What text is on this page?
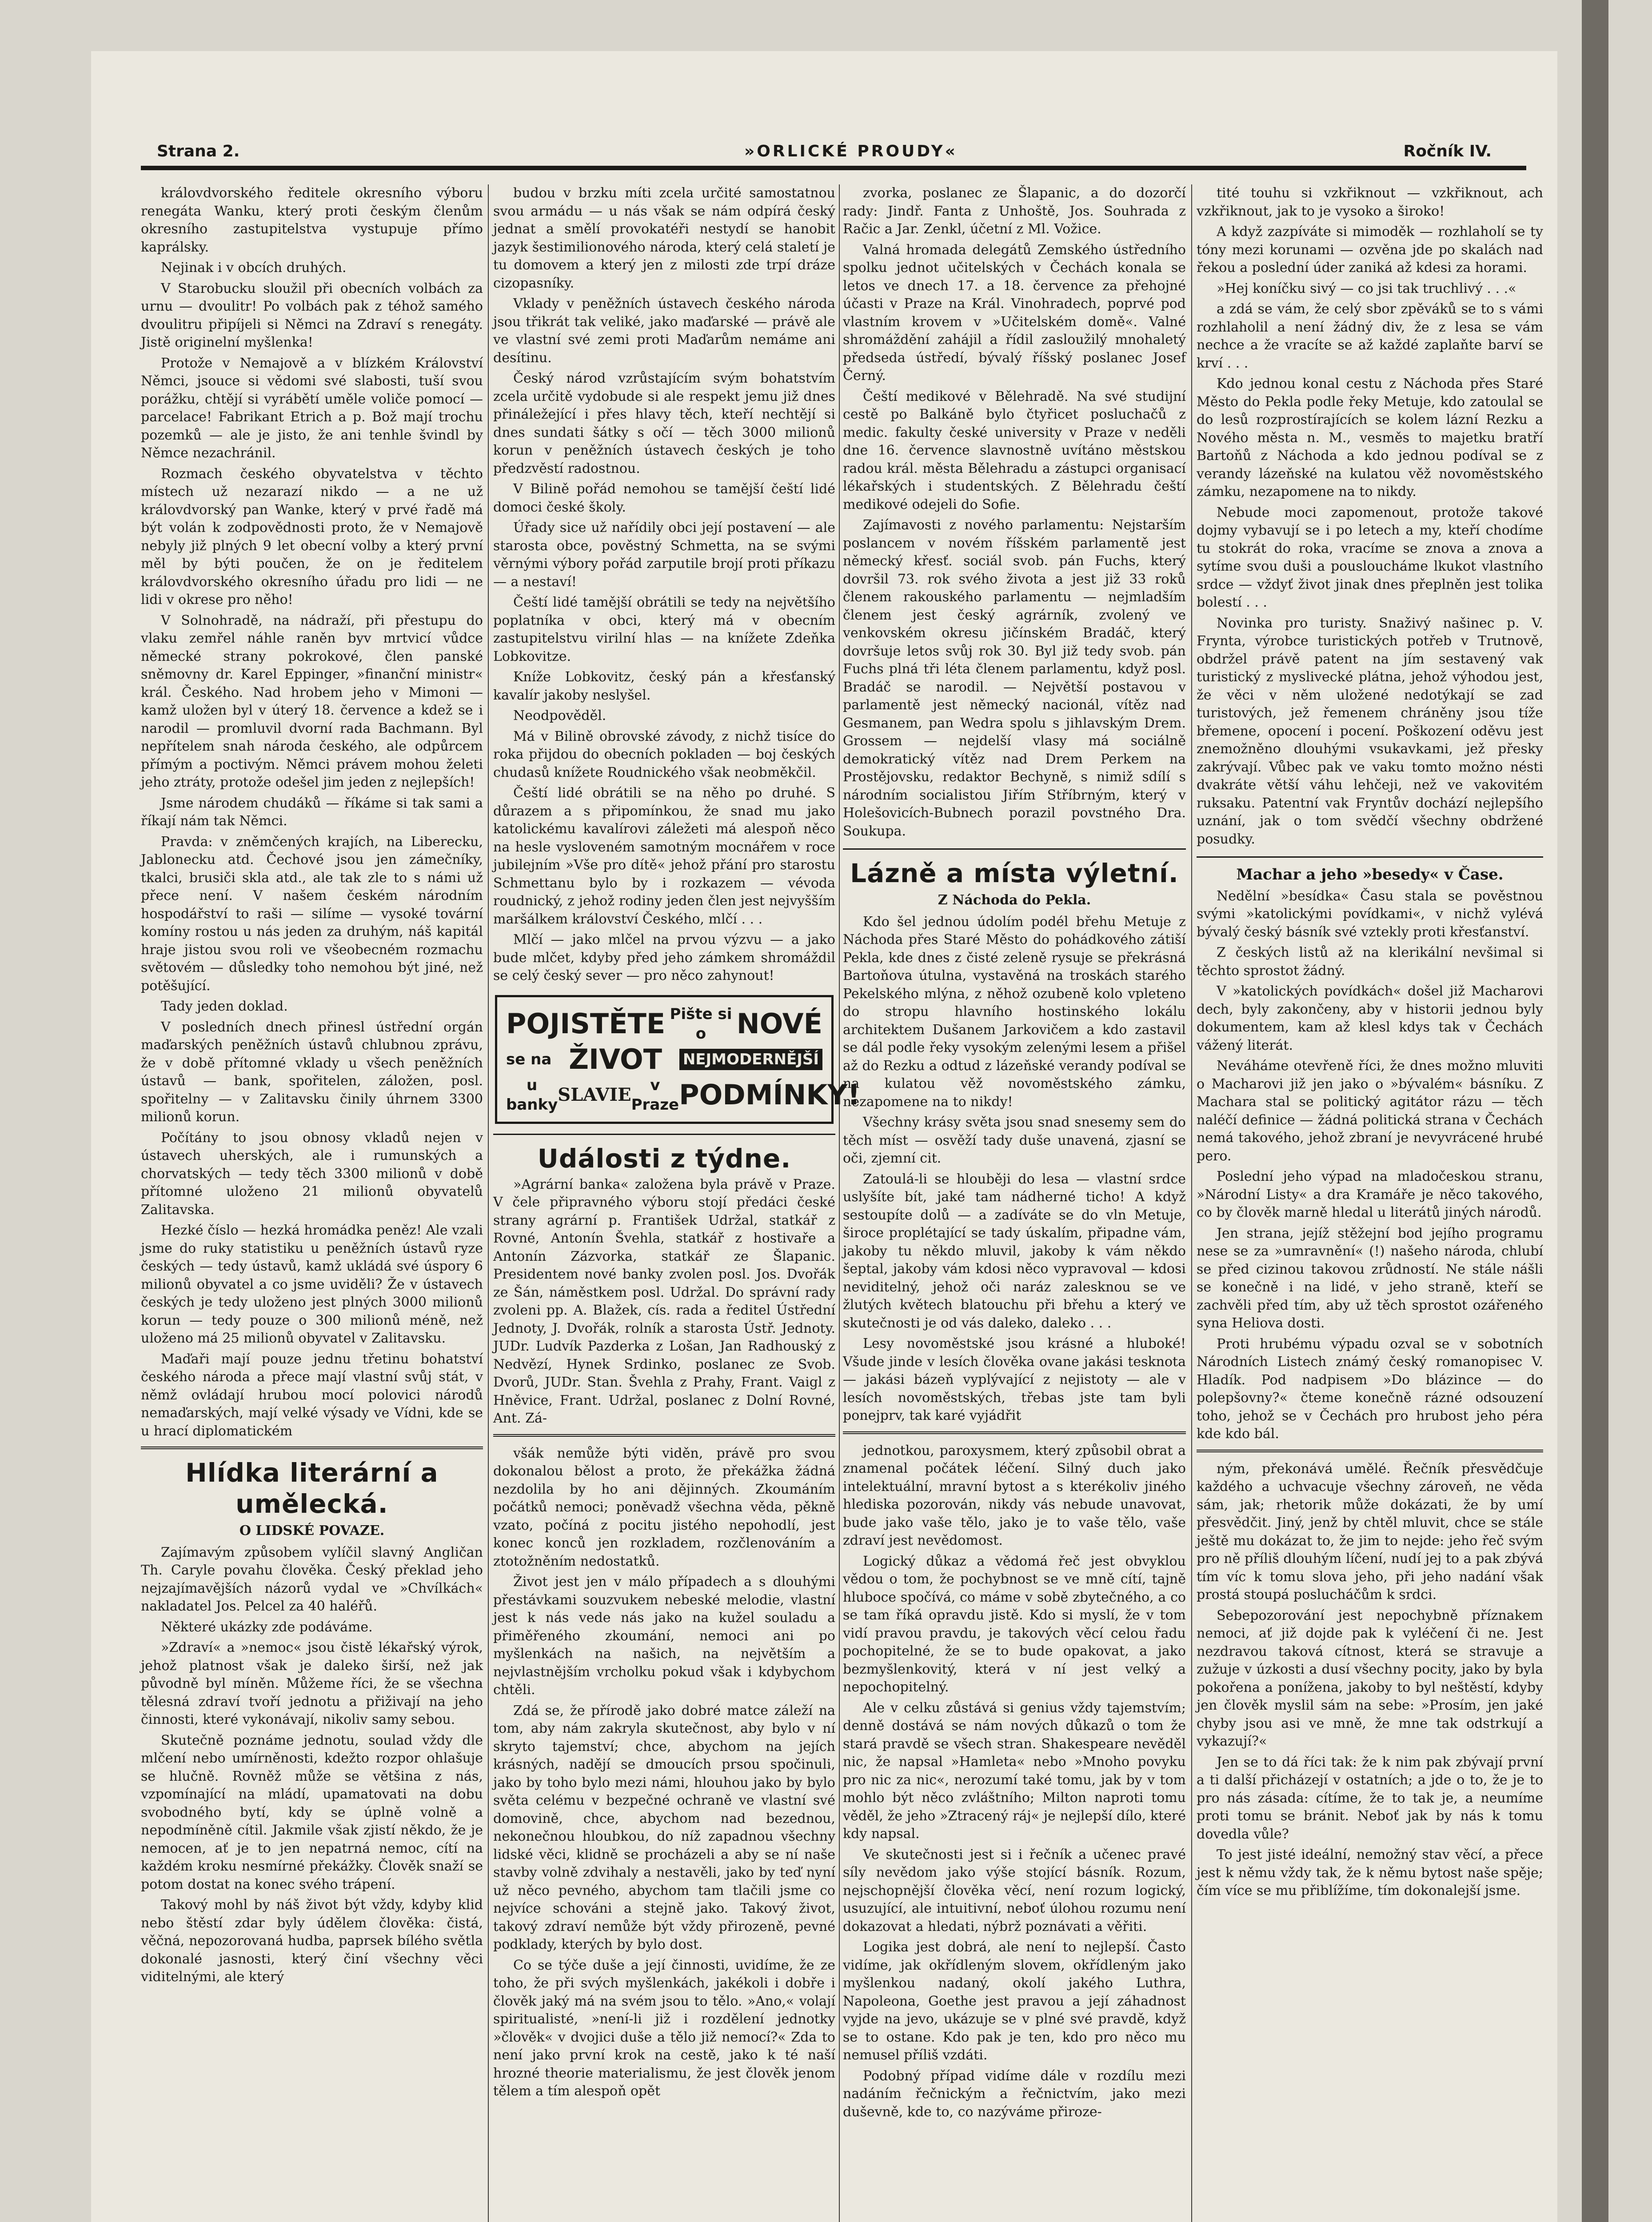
Strana 2.	»ORLICKÉ PROUDY«	Ročník IV.

královdvorského ředitele okresního výboru renegáta Wanku, který proti českým členům okresního zastupitelstva vystupuje přímo kaprálsky.

Nejinak i v obcích druhých.

V Starobucku sloužil při obecních volbách za urnu — dvoulitr! Po volbách pak z téhož samého dvoulitru připíjeli si Němci na Zdraví s renegáty. Jistě originelní myšlenka!

Protože v Nemajově a v blízkém Království Němci, jsouce si vědomi své slabosti, tuší svou porážku, chtějí si vyrábětí uměle voliče pomocí — parcelace! Fabrikant Etrich a p. Bož mají trochu pozemků — ale je jisto, že ani tenhle švindl by Němce nezachránil.

Rozmach českého obyvatelstva v těchto místech už nezarazí nikdo — a ne už královdvorský pan Wanke, který v prvé řadě má být volán k zodpovědnosti proto, že v Nemajově nebyly již plných 9 let obecní volby a který první měl by býti poučen, že on je ředitelem královdvorského okresního úřadu pro lidi — ne lidi v okrese pro něho!

V Solnohradě, na nádraží, při přestupu do vlaku zemřel náhle raněn byv mrtvicí vůdce německé strany pokrokové, člen panské sněmovny dr. Karel Eppinger, »finanční ministr« král. Českého. Nad hrobem jeho v Mimoni — kamž uložen byl v úterý 18. července a kdež se i narodil — promluvil dvorní rada Bachmann. Byl nepřítelem snah národa českého, ale odpůrcem přímým a poctivým. Němci právem mohou želeti jeho ztráty, protože odešel jim jeden z nejlepších!

Jsme národem chudáků — říkáme si tak sami a říkají nám tak Němci.

Pravda: v zněmčených krajích, na Liberecku, Jablonecku atd. Čechové jsou jen zámečníky, tkalci, brusiči skla atd., ale tak zle to s námi už přece není. V našem českém národním hospodářství to raši — silíme — vysoké tovární komíny rostou u nás jeden za druhým, náš kapitál hraje jistou svou roli ve všeobecném rozmachu světovém — důsledky toho nemohou být jiné, než potěšující.

Tady jeden doklad.

V posledních dnech přinesl ústřední orgán maďarských peněžních ústavů chlubnou zprávu, že v době přítomné vklady u všech peněžních ústavů — bank, spořitelen, záložen, posl. spořitelny — v Zalitavsku činily úhrnem 3300 milionů korun.

Počítány to jsou obnosy vkladů nejen v ústavech uherských, ale i rumunských a chorvatských — tedy těch 3300 milionů v době přítomné uloženo 21 milionů obyvatelů Zalitavska.

Hezké číslo — hezká hromádka peněz! Ale vzali jsme do ruky statistiku u peněžních ústavů ryze českých — tedy ústavů, kamž ukládá své úspory 6 milionů obyvatel a co jsme uviděli? Že v ústavech českých je tedy uloženo jest plných 3000 milionů korun — tedy pouze o 300 milionů méně, než uloženo má 25 milionů obyvatel v Zalitavsku.

Maďaři mají pouze jednu třetinu bohatství českého národa a přece mají vlastní svůj stát, v němž ovládají hrubou mocí polovici národů nemaďarských, mají velké výsady ve Vídni, kde se u hrací diplomatickém

Hlídka literární a umělecká.
O LIDSKÉ POVAZE.

Zajímavým způsobem vylíčil slavný Angličan Th. Caryle povahu člověka. Český překlad jeho nejzajímavějších názorů vydal ve »Chvílkách« nakladatel Jos. Pelcel za 40 haléřů.

Některé ukázky zde podáváme.

»Zdraví« a »nemoc« jsou čistě lékařský výrok, jehož platnost však je daleko širší, než jak původně byl míněn. Můžeme říci, že se všechna tělesná zdraví tvoří jednotu a přiživají na jeho činnosti, které vykonávají, nikoliv samy sebou.

Skutečně poznáme jednotu, soulad vždy dle mlčení nebo umírněnosti, kdežto rozpor ohlašuje se hlučně. Rovněž může se většina z nás, vzpomínající na mládí, upamatovati na dobu svobodného bytí, kdy se úplně volně a nepodmíněně cítil. Jakmile však zjistí někdo, že je nemocen, ať je to jen nepatrná nemoc, cítí na každém kroku nesmírné překážky. Člověk snaží se potom dostat na konec svého trápení.

Takový mohl by náš život být vždy, kdyby klid nebo štěstí zdar byly údělem člověka: čistá, věčná, nepozorovaná hudba, paprsek bílého světla dokonalé jasnosti, který činí všechny věci viditelnými, ale který

budou v brzku míti zcela určité samostatnou svou armádu — u nás však se nám odpírá český jednat a smělí provokatéři nestydí se hanobit jazyk šestimilionového národa, který celá staletí je tu domovem a který jen z milosti zde trpí dráze cizopasníky.

Vklady v peněžních ústavech českého národa jsou třikrát tak veliké, jako maďarské — právě ale ve vlastní své zemi proti Maďarům nemáme ani desítinu.

Český národ vzrůstajícím svým bohatstvím zcela určitě vydobude si ale respekt jemu již dnes přináležející i přes hlavy těch, kteří nechtějí si dnes sundati šátky s očí — těch 3000 milionů korun v peněžních ústavech českých je toho předzvěstí radostnou.

V Bilině pořád nemohou se tamější čeští lidé domoci české školy.

Úřady sice už nařídily obci její postavení — ale starosta obce, pověstný Schmetta, na se svými věrnými výbory pořád zarputile brojí proti příkazu — a nestaví!

Čeští lidé tamější obrátili se tedy na největšího poplatníka v obci, který má v obecním zastupitelstvu virilní hlas — na knížete Zdeňka Lobkovitze.

Kníže Lobkovitz, český pán a křesťanský kavalír jakoby neslyšel.

Neodpověděl.

Má v Bilině obrovské závody, z nichž tisíce do roka přijdou do obecních pokladen — boj českých chudasů knížete Roudnického však neobměkčil.

Čeští lidé obrátili se na něho po druhé. S důrazem a s připomínkou, že snad mu jako katolickému kavalírovi záležeti má alespoň něco na hesle vysloveném samotným mocnářem v roce jubilejním »Vše pro dítě« jehož přání pro starostu Schmettanu bylo by i rozkazem — vévoda roudnický, z jehož rodiny jeden člen jest nejvyšším maršálkem království Českého, mlčí . . .

Mlčí — jako mlčel na prvou výzvu — a jako bude mlčet, kdyby před jeho zámkem shromáždil se celý český sever — pro něco zahynout!

POJISTĚTE Pište si o	NOVÉ
se na ŽIVOT NEJMODERNĚJŠÍ
u banky SLAVIE	v Praze PODMÍNKY!
Události z týdne.

»Agrární banka« založena byla právě v Praze. V čele připravného výboru stojí předáci české strany agrární p. František Udržal, statkář z Rovné, Antonín Švehla, statkář z hostivaře a Antonín Zázvorka, statkář ze Šlapanic. Presidentem nové banky zvolen posl. Jos. Dvořák ze Šán, náměstkem posl. Udržal. Do správní rady zvoleni pp. A. Blažek, cís. rada a ředitel Ústřední Jednoty, J. Dvořák, rolník a starosta Ústř. Jednoty. JUDr. Ludvík Pazderka z Lošan, Jan Radhouský z Nedvězí, Hynek Srdinko, poslanec ze Svob. Dvorů, JUDr. Stan. Švehla z Prahy, Frant. Vaigl z Hněvice, Frant. Udržal, poslanec z Dolní Rovné, Ant. Zá-

všák nemůže býti viděn, právě pro svou dokonalou bělost a proto, že překážka žádná nezdolila by ho ani dějinných. Zkoumáním počátků nemoci; poněvadž všechna věda, pěkně vzato, počíná z pocitu jistého nepohodlí, jest konec konců jen rozkladem, rozčlenováním a ztotožněním nedostatků.

Život jest jen v málo případech a s dlouhými přestávkami souzvukem nebeské melodie, vlastní jest k nás vede nás jako na kužel souladu a přiměřeného zkoumání, nemoci ani po myšlenkách na našich, na největším a nejvlastnějším vrcholku pokud však i kdybychom chtěli.

Zdá se, že přírodě jako dobré matce záleží na tom, aby nám zakryla skutečnost, aby bylo v ní skryto tajemství; chce, abychom na jejích krásných, nadějí se dmoucích prsou spočinuli, jako by toho bylo mezi námi, hlouhou jako by bylo světa celému v bezpečné ochraně ve vlastní své domovině, chce, abychom nad bezednou, nekonečnou hloubkou, do níž zapadnou všechny lidské věci, klidně se procházeli a aby se ní naše stavby volně zdvihaly a nestavěli, jako by teď nyní už něco pevného, abychom tam tlačili jsme co nejvíce schováni a stejně jako. Takový život, takový zdraví nemůže být vždy přirozeně, pevné podklady, kterých by bylo dost.

Co se týče duše a její činnosti, uvidíme, že ze toho, že při svých myšlenkách, jakékoli i dobře i člověk jaký má na svém jsou to tělo. »Ano,« volají spiritualisté, »není-li již i rozdělení jednotky »člověk« v dvojici duše a tělo již nemocí?« Zda to není jako první krok na cestě, jako k té naší hrozné theorie materialismu, že jest člověk jenom tělem a tím alespoň opět

zvorka, poslanec ze Šlapanic, a do dozorčí rady: Jindř. Fanta z Unhoště, Jos. Souhrada z Račic a Jar. Zenkl, účetní z Ml. Vožice.

Valná hromada delegátů Zemského ústředního spolku jednot učitelských v Čechách konala se letos ve dnech 17. a 18. července za přehojné účasti v Praze na Král. Vinohradech, poprvé pod vlastním krovem v »Učitelském domě«. Valné shromáždění zahájil a řídil zasloužilý mnohaletý předseda ústředí, bývalý říšský poslanec Josef Černý.

Čeští medikové v Bělehradě. Na své studijní cestě po Balkáně bylo čtyřicet posluchačů z medic. fakulty české university v Praze v neděli dne 16. července slavnostně uvítáno městskou radou král. města Bělehradu a zástupci organisací lékařských i studentských. Z Bělehradu čeští medikové odejeli do Sofie.

Zajímavosti z nového parlamentu: Nejstarším poslancem v novém říšském parlamentě jest německý křesť. sociál svob. pán Fuchs, který dovršil 73. rok svého života a jest již 33 roků členem rakouského parlamentu — nejmladším členem jest český agrárník, zvolený ve venkovském okresu jičínském Bradáč, který dovršuje letos svůj rok 30. Byl již tedy svob. pán Fuchs plná tři léta členem parlamentu, když posl. Bradáč se narodil. — Největší postavou v parlamentě jest německý nacionál, vítěz nad Gesmanem, pan Wedra spolu s jihlavským Drem. Grossem — nejdelší vlasy má sociálně demokratický vítěz nad Drem Perkem na Prostějovsku, redaktor Bechyně, s nimiž sdílí s národním socialistou Jiřím Stříbrným, který v Holešovicích-Bubnech porazil povstného Dra. Soukupa.

Lázně a místa výletní.
Z Náchoda do Pekla.

Kdo šel jednou údolím podél břehu Metuje z Náchoda přes Staré Město do pohádkového zátiší Pekla, kde dnes z čisté zeleně rysuje se překrásná Bartoňova útulna, vystavěná na troskách starého Pekelského mlýna, z něhož ozubeně kolo vpleteno do stropu hlavního hostinského lokálu architektem Dušanem Jarkovičem a kdo zastavil se dál podle řeky vysokým zelenými lesem a přišel až do Rezku a odtud z lázeňské verandy podíval se na kulatou věž novoměstského zámku, nezapomene na to nikdy!

Všechny krásy světa jsou snad snesemy sem do těch míst — osvěží tady duše unavená, zjasní se oči, zjemní cit.

Zatoulá-li se hlouběji do lesa — vlastní srdce uslyšíte bít, jaké tam nádherné ticho! A když sestoupíte dolů — a zadíváte se do vln Metuje, široce proplétající se tady úskalím, připadne vám, jakoby tu někdo mluvil, jakoby k vám někdo šeptal, jakoby vám kdosi něco vypravoval — kdosi neviditelný, jehož oči naráz zalesknou se ve žlutých květech blatouchu při břehu a který ve skutečnosti je od vás daleko, daleko . . .

Lesy novoměstské jsou krásné a hluboké! Všude jinde v lesích člověka ovane jakási tesknota — jakási bázeň vyplývající z nejistoty — ale v lesích novoměstských, třebas jste tam byli ponejprv, tak karé vyjádřit

jednotkou, paroxysmem, který způsobil obrat a znamenal počátek léčení. Silný duch jako intelektuální, mravní bytost a s kterékoliv jiného hlediska pozorován, nikdy vás nebude unavovat, bude jako vaše tělo, jako je to vaše tělo, vaše zdraví jest nevědomost.

Logický důkaz a vědomá řeč jest obvyklou vědou o tom, že pochybnost se ve mně cítí, tajně hluboce spočívá, co máme v sobě zbytečného, a co se tam říká opravdu jistě. Kdo si myslí, že v tom vidí pravou pravdu, je takových věcí celou řadu pochopitelné, že se to bude opakovat, a jako bezmyšlenkovitý, která v ní jest velký a nepochopitelný.

Ale v celku zůstává si genius vždy tajemstvím; denně dostává se nám nových důkazů o tom že stará pravdě se všech stran. Shakespeare nevěděl nic, že napsal »Hamleta« nebo »Mnoho povyku pro nic za nic«, nerozumí také tomu, jak by v tom mohlo být něco zvláštního; Milton naproti tomu věděl, že jeho »Ztracený ráj« je nejlepší dílo, které kdy napsal.

Ve skutečnosti jest si i řečník a učenec pravé síly nevědom jako výše stojící básník. Rozum, nejschopnější člověka věcí, není rozum logický, usuzující, ale intuitivní, neboť úlohou rozumu není dokazovat a hledati, nýbrž poznávati a věřiti.

Logika jest dobrá, ale není to nejlepší. Často vidíme, jak okřídleným slovem, okřídleným jako myšlenkou nadaný, okolí jakého Luthra, Napoleona, Goethe jest pravou a její záhadnost vyjde na jevo, ukázuje se v plné své pravdě, když se to ostane. Kdo pak je ten, kdo pro něco mu nemusel příliš vzdáti.

Podobný případ vidíme dále v rozdílu mezi nadáním řečnickým a řečnictvím, jako mezi duševně, kde to, co nazýváme přiroze-

tité touhu si vzkřiknout — vzkřiknout, ach vzkřiknout, jak to je vysoko a široko!

A když zazpíváte si mimoděk — rozhlaholí se ty tóny mezi korunami — ozvěna jde po skalách nad řekou a poslední úder zaniká až kdesi za horami.

»Hej koníčku sivý — co jsi tak truchlivý . . .«

a zdá se vám, že celý sbor zpěváků se to s vámi rozhlaholil a není žádný div, že z lesa se vám nechce a že vracíte se až každé zaplaňte barví se krví . . .

Kdo jednou konal cestu z Náchoda přes Staré Město do Pekla podle řeky Metuje, kdo zatoulal se do lesů rozprostírajících se kolem lázní Rezku a Nového města n. M., vesměs to majetku bratří Bartoňů z Náchoda a kdo jednou podíval se z verandy lázeňské na kulatou věž novoměstského zámku, nezapomene na to nikdy.

Nebude moci zapomenout, protože takové dojmy vybavují se i po letech a my, kteří chodíme tu stokrát do roka, vracíme se znova a znova a sytíme svou duši a pousloucháme lkukot vlastního srdce — vždyť život jinak dnes přeplněn jest tolika bolestí . . .

Novinka pro turisty. Snaživý našinec p. V. Frynta, výrobce turistických potřeb v Trutnově, obdržel právě patent na jím sestavený vak turistický z myslivecké plátna, jehož výhodou jest, že věci v něm uložené nedotýkají se zad turistových, jež řemenem chráněny jsou tíže břemene, opocení i pocení. Poškození oděvu jest znemožněno dlouhými vsukavkami, jež přesky zakrývají. Vůbec pak ve vaku tomto možno nésti dvakráte větší váhu lehčeji, než ve vakovitém ruksaku. Patentní vak Fryntův dochází nejlepšího uznání, jak o tom svědčí všechny obdržené posudky.

Machar a jeho »besedy« v Čase.

Nedělní »besídka« Času stala se pověstnou svými »katolickými povídkami«, v nichž vylévá bývalý český básník své vztekly proti křesťanství.

Z českých listů až na klerikální nevšimal si těchto sprostot žádný.

V »katolických povídkách« došel již Macharovi dech, byly zakončeny, aby v historii jednou byly dokumentem, kam až klesl kdys tak v Čechách vážený literát.

Neváháme otevřeně říci, že dnes možno mluviti o Macharovi již jen jako o »bývalém« básníku. Z Machara stal se politický agitátor rázu — těch naléčí definice — žádná politická strana v Čechách nemá takového, jehož zbraní je nevyvrácené hrubé pero.

Poslední jeho výpad na mladočeskou stranu, »Národní Listy« a dra Kramáře je něco takového, co by člověk marně hledal u literátů jiných národů.

Jen strana, jejíž stěžejní bod jejího programu nese se za »umravnění« (!) našeho národa, chlubí se před cizinou takovou zrůdností. Ne stále nášli se konečně i na lidé, v jeho straně, kteří se zachvěli před tím, aby už těch sprostot ozářeného syna Heliova dosti.

Proti hrubému výpadu ozval se v sobotních Národních Listech známý český romanopisec V. Hladík. Pod nadpisem »Do blázince — do polepšovny?« čteme konečně rázné odsouzení toho, jehož se v Čechách pro hrubost jeho péra kde kdo bál.

ným, překonává umělé. Řečník přesvědčuje každého a uchvacuje všechny zároveň, ne věda sám, jak; rhetorik může dokázati, že by umí přesvědčit. Jiný, jenž by chtěl mluvit, chce se stále ještě mu dokázat to, že jim to nejde: jeho řeč svým pro ně příliš dlouhým líčení, nudí jej to a pak zbývá tím víc k tomu slova jeho, při jeho nadání však prostá stoupá poslucháčům k srdci.

Sebepozorování jest nepochybně příznakem nemoci, ať již dojde pak k vyléčení či ne. Jest nezdravou taková cítnost, která se stravuje a zužuje v úzkosti a dusí všechny pocity, jako by byla pokořena a ponížena, jakoby to byl neštěstí, kdyby jen člověk myslil sám na sebe: »Prosím, jen jaké chyby jsou asi ve mně, že mne tak odstrkují a vykazují?«

Jen se to dá říci tak: že k nim pak zbývají první a ti další přicházejí v ostatních; a jde o to, že je to pro nás zásada: cítíme, že to tak je, a neumíme proti tomu se bránit. Neboť jak by nás k tomu dovedla vůle?

To jest jisté ideální, nemožný stav věcí, a přece jest k němu vždy tak, že k němu bytost naše spěje; čím více se mu přiblížíme, tím dokonalejší jsme.
